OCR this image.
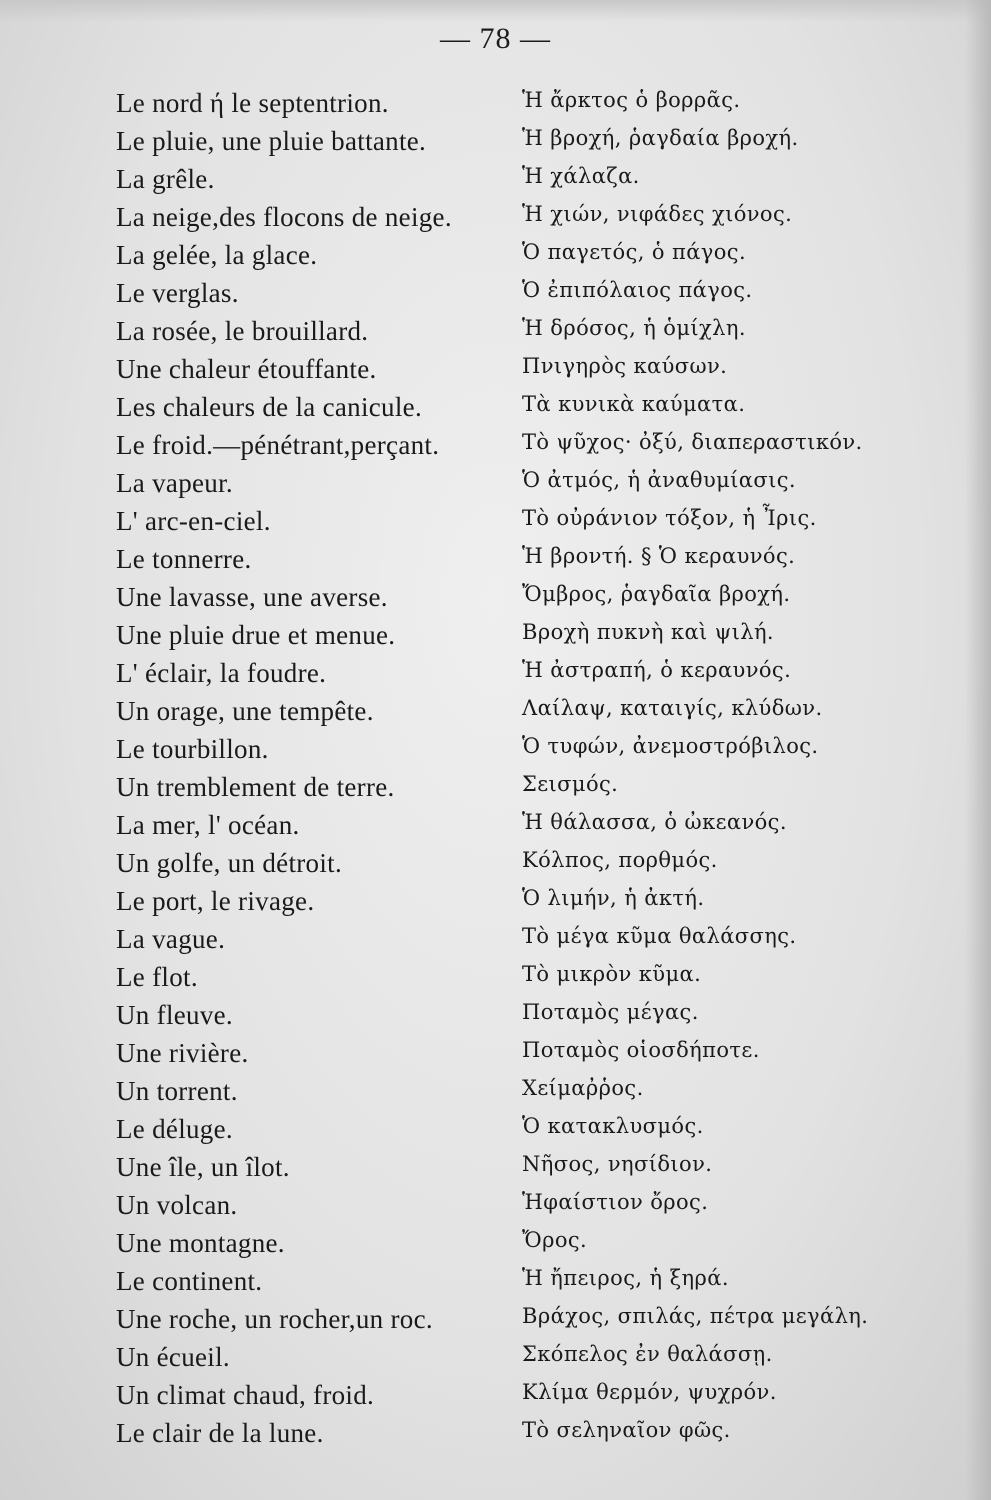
— 78 —
Le nord ή le septentrion.	Ἡ ἄρκτος ὁ βορρᾶς.
Le pluie, une pluie battante.	Ἡ βροχή, ῥαγδαία βροχή.
La grêle.	Ἡ χάλαζα.
La neige,des flocons de neige.	Ἡ χιών, νιφάδες χιόνος.
La gelée, la glace.	Ὁ παγετός, ὁ πάγος.
Le verglas.	Ὁ ἐπιπόλαιος πάγος.
La rosée, le brouillard.	Ἡ δρόσος, ἡ ὁμίχλη.
Une chaleur étouffante.	Πνιγηρὸς καύσων.
Les chaleurs de la canicule.	Τὰ κυνικὰ καύματα.
Le froid.—pénétrant,perçant.	Τὸ ψῦχος· ὀξύ, διαπεραστικόν.
La vapeur.	Ὁ ἀτμός, ἡ ἀναθυμίασις.
L' arc-en-ciel.	Τὸ οὐράνιον τόξον, ἡ Ἶρις.
Le tonnerre.	Ἡ βροντή. § Ὁ κεραυνός.
Une lavasse, une averse.	Ὄμβρος, ῥαγδαῖα βροχή.
Une pluie drue et menue.	Βροχὴ πυκνὴ καὶ ψιλή.
L' éclair, la foudre.	Ἡ ἀστραπή, ὁ κεραυνός.
Un orage, une tempête.	Λαίλαψ, καταιγίς, κλύδων.
Le tourbillon.	Ὁ τυφών, ἀνεμοστρόβιλος.
Un tremblement de terre.	Σεισμός.
La mer, l' océan.	Ἡ θάλασσα, ὁ ὠκεανός.
Un golfe, un détroit.	Κόλπος, πορθμός.
Le port, le rivage.	Ὁ λιμήν, ἡ ἀκτή.
La vague.	Τὸ μέγα κῦμα θαλάσσης.
Le flot.	Τὸ μικρὸν κῦμα.
Un fleuve.	Ποταμὸς μέγας.
Une rivière.	Ποταμὸς οἱοσδήποτε.
Un torrent.	Χείμαῤῥος.
Le déluge.	Ὁ κατακλυσμός.
Une île, un îlot.	Νῆσος, νησίδιον.
Un volcan.	Ἡφαίστιον ὄρος.
Une montagne.	Ὄρος.
Le continent.	Ἡ ἤπειρος, ἡ ξηρά.
Une roche, un rocher,un roc.	Βράχος, σπιλάς, πέτρα μεγάλη.
Un écueil.	Σκόπελος ἐν θαλάσσῃ.
Un climat chaud, froid.	Κλίμα θερμόν, ψυχρόν.
Le clair de la lune.	Τὸ σεληναῖον φῶς.
